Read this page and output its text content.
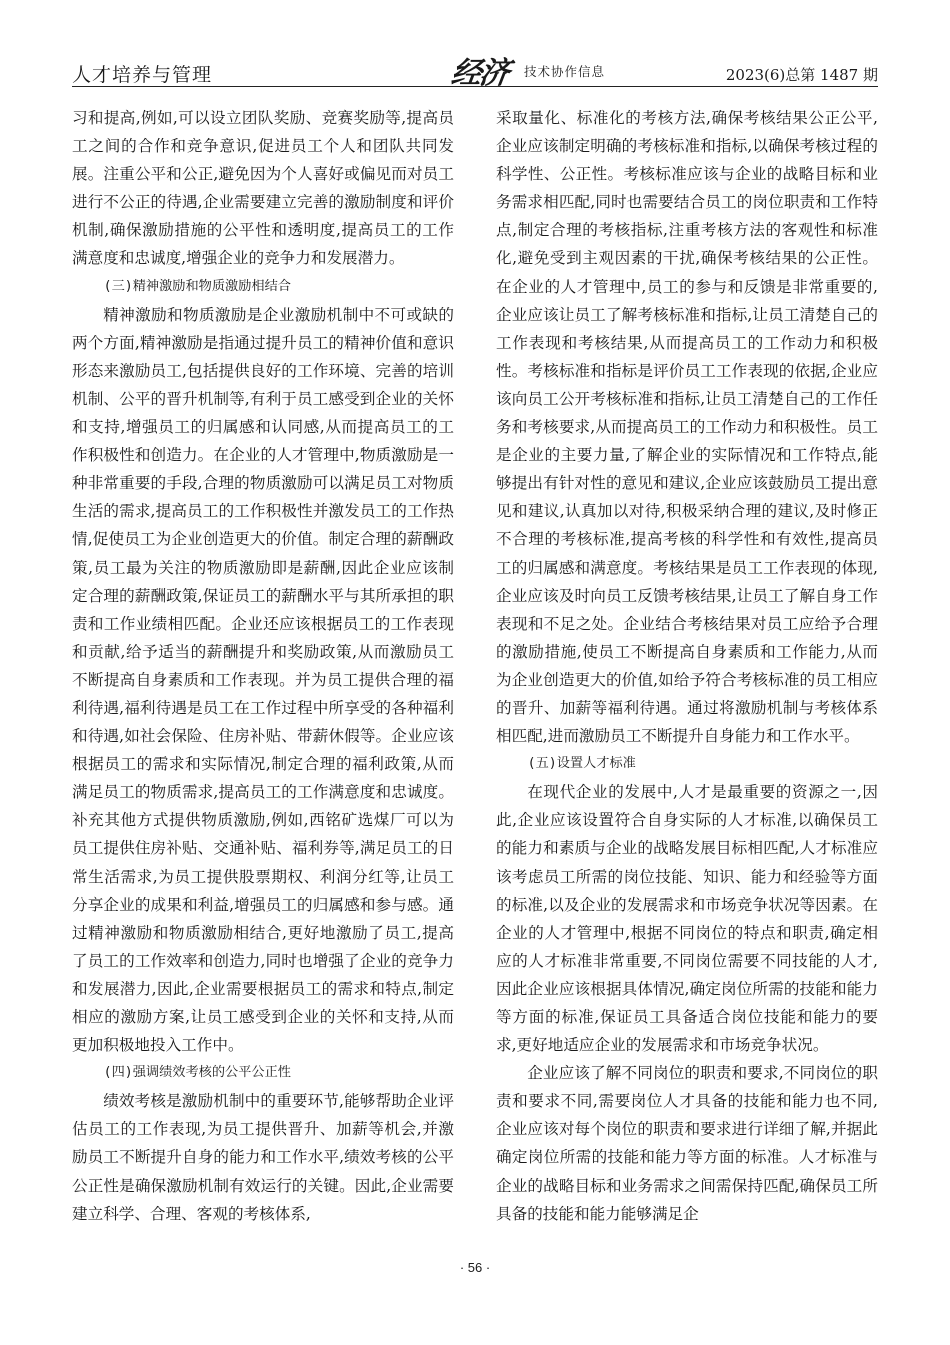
人才培养与管理	经济 技术协作信息	2023(6)总第 1487 期

习和提高,例如,可以设立团队奖励、竞赛奖励等,提高员工之间的合作和竞争意识,促进员工个人和团队共同发展。注重公平和公正,避免因为个人喜好或偏见而对员工进行不公正的待遇,企业需要建立完善的激励制度和评价机制,确保激励措施的公平性和透明度,提高员工的工作满意度和忠诚度,增强企业的竞争力和发展潜力。

(三)精神激励和物质激励相结合

精神激励和物质激励是企业激励机制中不可或缺的两个方面,精神激励是指通过提升员工的精神价值和意识形态来激励员工,包括提供良好的工作环境、完善的培训机制、公平的晋升机制等,有利于员工感受到企业的关怀和支持,增强员工的归属感和认同感,从而提高员工的工作积极性和创造力。在企业的人才管理中,物质激励是一种非常重要的手段,合理的物质激励可以满足员工对物质生活的需求,提高员工的工作积极性并激发员工的工作热情,促使员工为企业创造更大的价值。制定合理的薪酬政策,员工最为关注的物质激励即是薪酬,因此企业应该制定合理的薪酬政策,保证员工的薪酬水平与其所承担的职责和工作业绩相匹配。企业还应该根据员工的工作表现和贡献,给予适当的薪酬提升和奖励政策,从而激励员工不断提高自身素质和工作表现。并为员工提供合理的福利待遇,福利待遇是员工在工作过程中所享受的各种福利和待遇,如社会保险、住房补贴、带薪休假等。企业应该根据员工的需求和实际情况,制定合理的福利政策,从而满足员工的物质需求,提高员工的工作满意度和忠诚度。补充其他方式提供物质激励,例如,西铭矿选煤厂可以为员工提供住房补贴、交通补贴、福利券等,满足员工的日常生活需求,为员工提供股票期权、利润分红等,让员工分享企业的成果和利益,增强员工的归属感和参与感。通过精神激励和物质激励相结合,更好地激励了员工,提高了员工的工作效率和创造力,同时也增强了企业的竞争力和发展潜力,因此,企业需要根据员工的需求和特点,制定相应的激励方案,让员工感受到企业的关怀和支持,从而更加积极地投入工作中。

(四)强调绩效考核的公平公正性

绩效考核是激励机制中的重要环节,能够帮助企业评估员工的工作表现,为员工提供晋升、加薪等机会,并激励员工不断提升自身的能力和工作水平,绩效考核的公平公正性是确保激励机制有效运行的关键。因此,企业需要建立科学、合理、客观的考核体系,

采取量化、标准化的考核方法,确保考核结果公正公平,企业应该制定明确的考核标准和指标,以确保考核过程的科学性、公正性。考核标准应该与企业的战略目标和业务需求相匹配,同时也需要结合员工的岗位职责和工作特点,制定合理的考核指标,注重考核方法的客观性和标准化,避免受到主观因素的干扰,确保考核结果的公正性。在企业的人才管理中,员工的参与和反馈是非常重要的,企业应该让员工了解考核标准和指标,让员工清楚自己的工作表现和考核结果,从而提高员工的工作动力和积极性。考核标准和指标是评价员工工作表现的依据,企业应该向员工公开考核标准和指标,让员工清楚自己的工作任务和考核要求,从而提高员工的工作动力和积极性。员工是企业的主要力量,了解企业的实际情况和工作特点,能够提出有针对性的意见和建议,企业应该鼓励员工提出意见和建议,认真加以对待,积极采纳合理的建议,及时修正不合理的考核标准,提高考核的科学性和有效性,提高员工的归属感和满意度。考核结果是员工工作表现的体现,企业应该及时向员工反馈考核结果,让员工了解自身工作表现和不足之处。企业结合考核结果对员工应给予合理的激励措施,使员工不断提高自身素质和工作能力,从而为企业创造更大的价值,如给予符合考核标准的员工相应的晋升、加薪等福利待遇。通过将激励机制与考核体系相匹配,进而激励员工不断提升自身能力和工作水平。

(五)设置人才标准

在现代企业的发展中,人才是最重要的资源之一,因此,企业应该设置符合自身实际的人才标准,以确保员工的能力和素质与企业的战略发展目标相匹配,人才标准应该考虑员工所需的岗位技能、知识、能力和经验等方面的标准,以及企业的发展需求和市场竞争状况等因素。在企业的人才管理中,根据不同岗位的特点和职责,确定相应的人才标准非常重要,不同岗位需要不同技能的人才,因此企业应该根据具体情况,确定岗位所需的技能和能力等方面的标准,保证员工具备适合岗位技能和能力的要求,更好地适应企业的发展需求和市场竞争状况。

企业应该了解不同岗位的职责和要求,不同岗位的职责和要求不同,需要岗位人才具备的技能和能力也不同,企业应该对每个岗位的职责和要求进行详细了解,并据此确定岗位所需的技能和能力等方面的标准。人才标准与企业的战略目标和业务需求之间需保持匹配,确保员工所具备的技能和能力能够满足企

· 56 ·
